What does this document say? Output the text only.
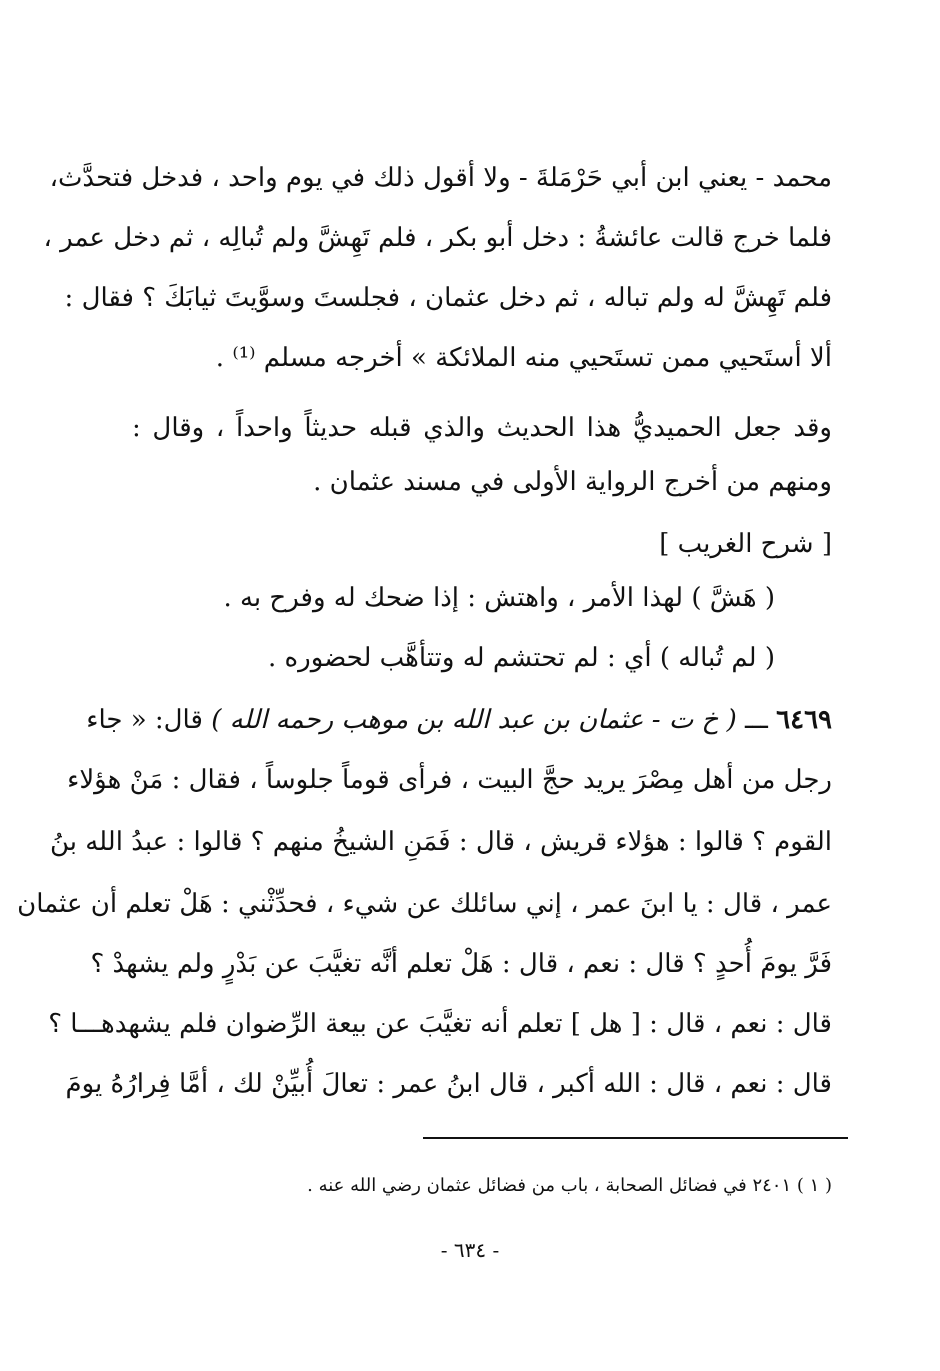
محمد - يعني ابن أبي حَرْمَلةَ - ولا أقول ذلك في يوم واحد ، فدخل فتحدَّث،
فلما خرج قالت عائشةُ : دخل أبو بكر ، فلم تَهِشَّ ولم تُبالِه ، ثم دخل عمر ،
فلم تَهِشَّ له ولم تباله ، ثم دخل عثمان ، فجلستَ وسوَّيتَ ثيابَكَ ؟ فقال :
ألا أستَحيي ممن تستَحيي منه الملائكة » أخرجه مسلم ⁽¹⁾ .
وقد جعل الحميديُّ هذا الحديث والذي قبله حديثاً واحداً ، وقال :
ومنهم من أخرج الرواية الأولى في مسند عثمان .
[ شرح الغريب ]
( هَشَّ ) لهذا الأمر ، واهتش : إذا ضحك له وفرح به .
( لم تُباله ) أي : لم تحتشم له وتتأهَّب لحضوره .
٦٤٦٩ ـــ ( خ ت - عثمان بن عبد الله بن موهب رحمه الله ) قال: « جاء
رجل من أهل مِصْرَ يريد حجَّ البيت ، فرأى قوماً جلوساً ، فقال : مَنْ هؤلاء
القوم ؟ قالوا : هؤلاء قريش ، قال : فَمَنِ الشيخُ منهم ؟ قالوا : عبدُ الله بنُ
عمر ، قال : يا ابنَ عمر ، إني سائلك عن شيء ، فحدِّثْني : هَلْ تعلم أن عثمان
فَرَّ يومَ أُحدٍ ؟ قال : نعم ، قال : هَلْ تعلم أنَّه تغيَّبَ عن بَدْرٍ ولم يشهدْ ؟
قال : نعم ، قال : [ هل ] تعلم أنه تغيَّبَ عن بيعة الرِّضوان فلم يشهدهـــا ؟
قال : نعم ، قال : الله أكبر ، قال ابنُ عمر : تعالَ أُبيِّنْ لك ، أمَّا فِرارُهُ يومَ
( ١ ) ٢٤٠١ في فضائل الصحابة ، باب من فضائل عثمان رضي الله عنه .
- ٦٣٤ -
